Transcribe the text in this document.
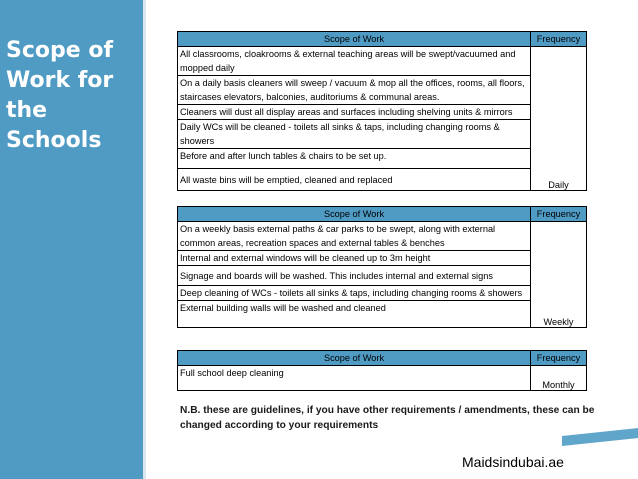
Scope of
Work for
the
Schools
Scope of Work	Frequency
All classrooms, cloakrooms & external teaching areas will be swept/vacuumed and mopped daily	Daily
On a daily basis cleaners will sweep / vacuum & mop all the offices, rooms, all floors, staircases elevators, balconies, auditoriums & communal areas.	
Cleaners will dust all display areas and surfaces including shelving units & mirrors	
Daily WCs will be cleaned - toilets all sinks & taps, including changing rooms & showers	
Before and after lunch tables & chairs to be set up.	
All waste bins will be emptied, cleaned and replaced	
Scope of Work	Frequency
On a weekly basis external paths & car parks to be swept, along with external common areas, recreation spaces and external tables & benches	Weekly
Internal and external windows will be cleaned up to 3m height	
Signage and boards will be washed. This includes internal and external signs	
Deep cleaning of WCs - toilets all sinks & taps, including changing rooms & showers	
External building walls will be washed and cleaned	
Scope of Work	Frequency
Full school deep cleaning	Monthly
N.B. these are guidelines, if you have other requirements / amendments, these can be changed according to your requirements
Maidsindubai.ae
